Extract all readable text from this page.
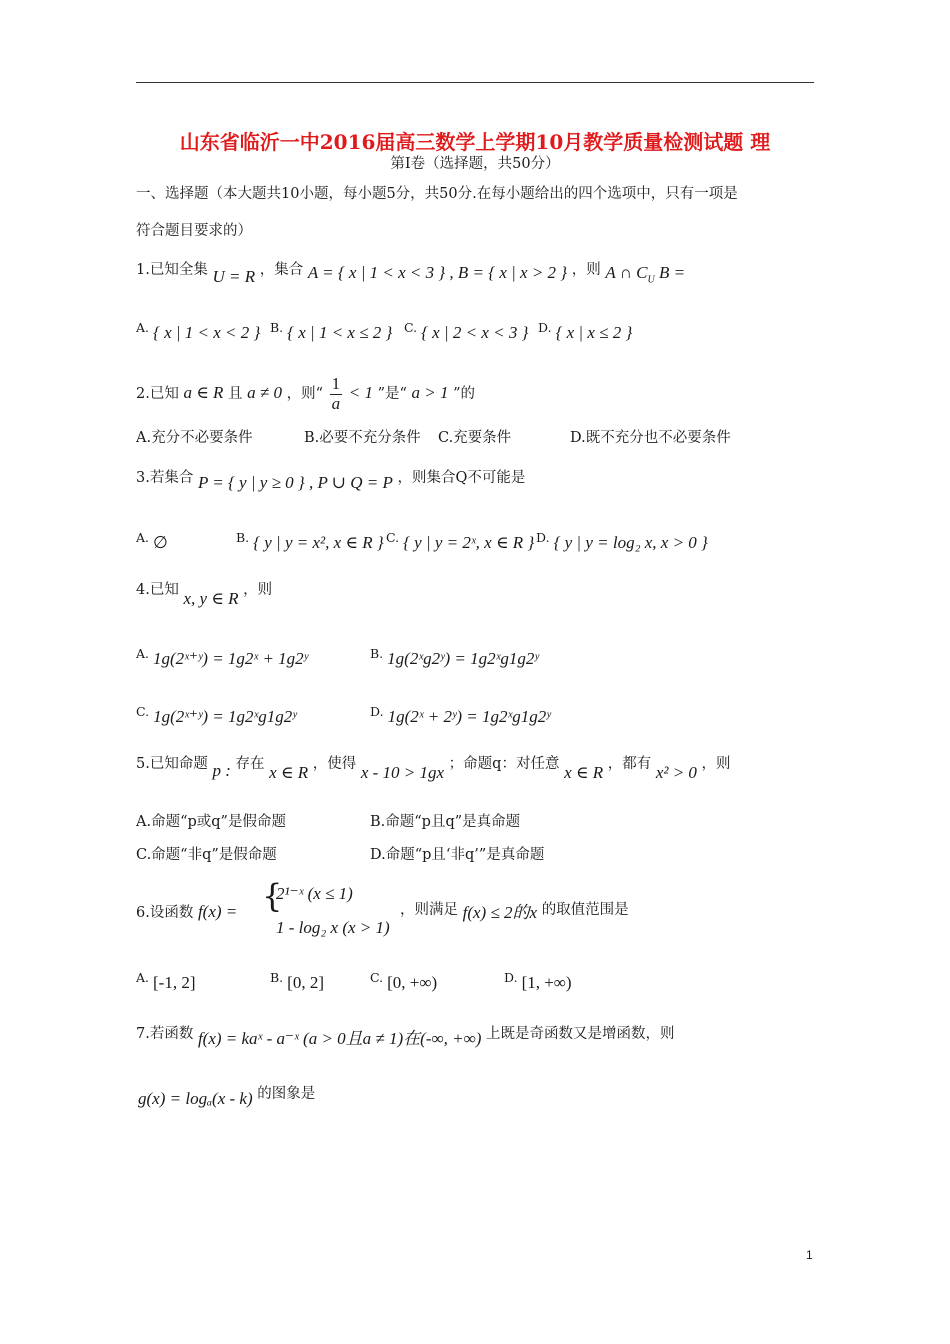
山东省临沂一中2016届高三数学上学期10月教学质量检测试题 理
第Ⅰ卷（选择题，共50分）
一、选择题（本大题共10小题，每小题5分，共50分.在每小题给出的四个选项中，只有一项是
符合题目要求的）
1.已知全集 U = R ，集合 A = { x | 1 < x < 3 } , B = { x | x > 2 } ，则 A ∩ $C_U$ B =
A. { x | 1 < x < 2 } B. { x | 1 < x ≤ 2 } C. { x | 2 < x < 3 } D. { x | x ≤ 2 }
2.已知 a ∈ R 且 a ≠ 0 ，则“ $\frac{1}{a} < 1$ ”是“ a > 1 ”的
A.充分不必要条件	B.必要不充分条件 C.充要条件	D.既不充分也不必要条件
3.若集合 P = { y | y ≥ 0 } , P ∪ Q = P ，则集合Q不可能是
A. ∅	B. { y | y = x², x ∈ R } C. { y | y = 2ˣ, x ∈ R } D. { y | y = log₂ x, x > 0 }
4.已知 x, y ∈ R ，则
A. 1g(2ˣ⁺ʸ) = 1g2ˣ + 1g2ʸ	B. 1g(2ˣg2ʸ) = 1g2ˣg1g2ʸ
C. 1g(2ˣ⁺ʸ) = 1g2ˣg1g2ʸ	D. 1g(2ˣ + 2ʸ) = 1g2ˣg1g2ʸ
5.已知命题 p : 存在 x ∈ R ，使得 x - 10 > 1gx ；命题q：对任意 x ∈ R ，都有 x² > 0 ，则
A.命题“p或q”是假命题	B.命题“p且q”是真命题
C.命题“非q”是假命题	D.命题“p且‘非q’”是真命题
6.设函数 f(x) = {
2¹⁻ˣ (x ≤ 1)
1 - log₂ x (x > 1)
，则满足 f(x) ≤ 2的x 的取值范围是
A. [-1, 2]	B. [0, 2]	C. [0, +∞)	D. [1, +∞)
7.若函数 f(x) = kaˣ - a⁻ˣ (a > 0且a ≠ 1)在(-∞, +∞) 上既是奇函数又是增函数，则
g(x) = logₐ(x - k) 的图象是
1
